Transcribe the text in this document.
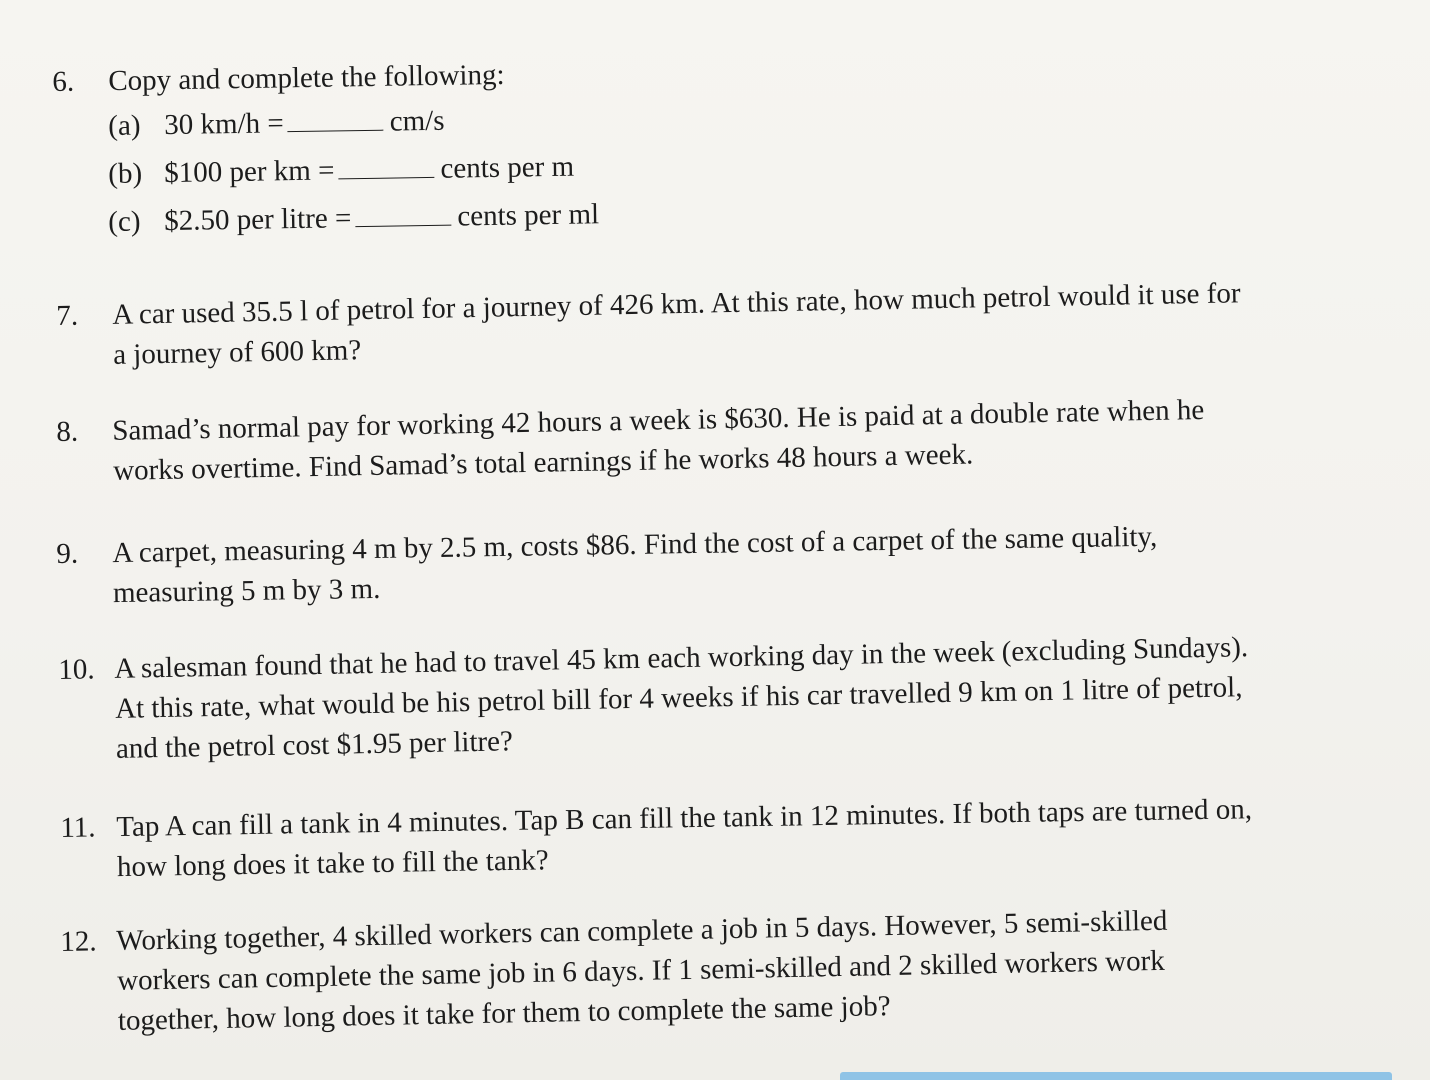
6.	Copy and complete the following:
(a) 30 km/h =	cm/s
(b) $100 per km =	cents per m
(c) $2.50 per litre =	cents per ml
7.	A car used 35.5 l of petrol for a journey of 426 km. At this rate, how much petrol would it use for
a journey of 600 km?
8.	Samad’s normal pay for working 42 hours a week is $630. He is paid at a double rate when he
works overtime. Find Samad’s total earnings if he works 48 hours a week.
9.	A carpet, measuring 4 m by 2.5 m, costs $86. Find the cost of a carpet of the same quality,
measuring 5 m by 3 m.
10. A salesman found that he had to travel 45 km each working day in the week (excluding Sundays).
At this rate, what would be his petrol bill for 4 weeks if his car travelled 9 km on 1 litre of petrol,
and the petrol cost $1.95 per litre?
11. Tap A can fill a tank in 4 minutes. Tap B can fill the tank in 12 minutes. If both taps are turned on,
how long does it take to fill the tank?
12. Working together, 4 skilled workers can complete a job in 5 days. However, 5 semi-skilled
workers can complete the same job in 6 days. If 1 semi-skilled and 2 skilled workers work
together, how long does it take for them to complete the same job?
